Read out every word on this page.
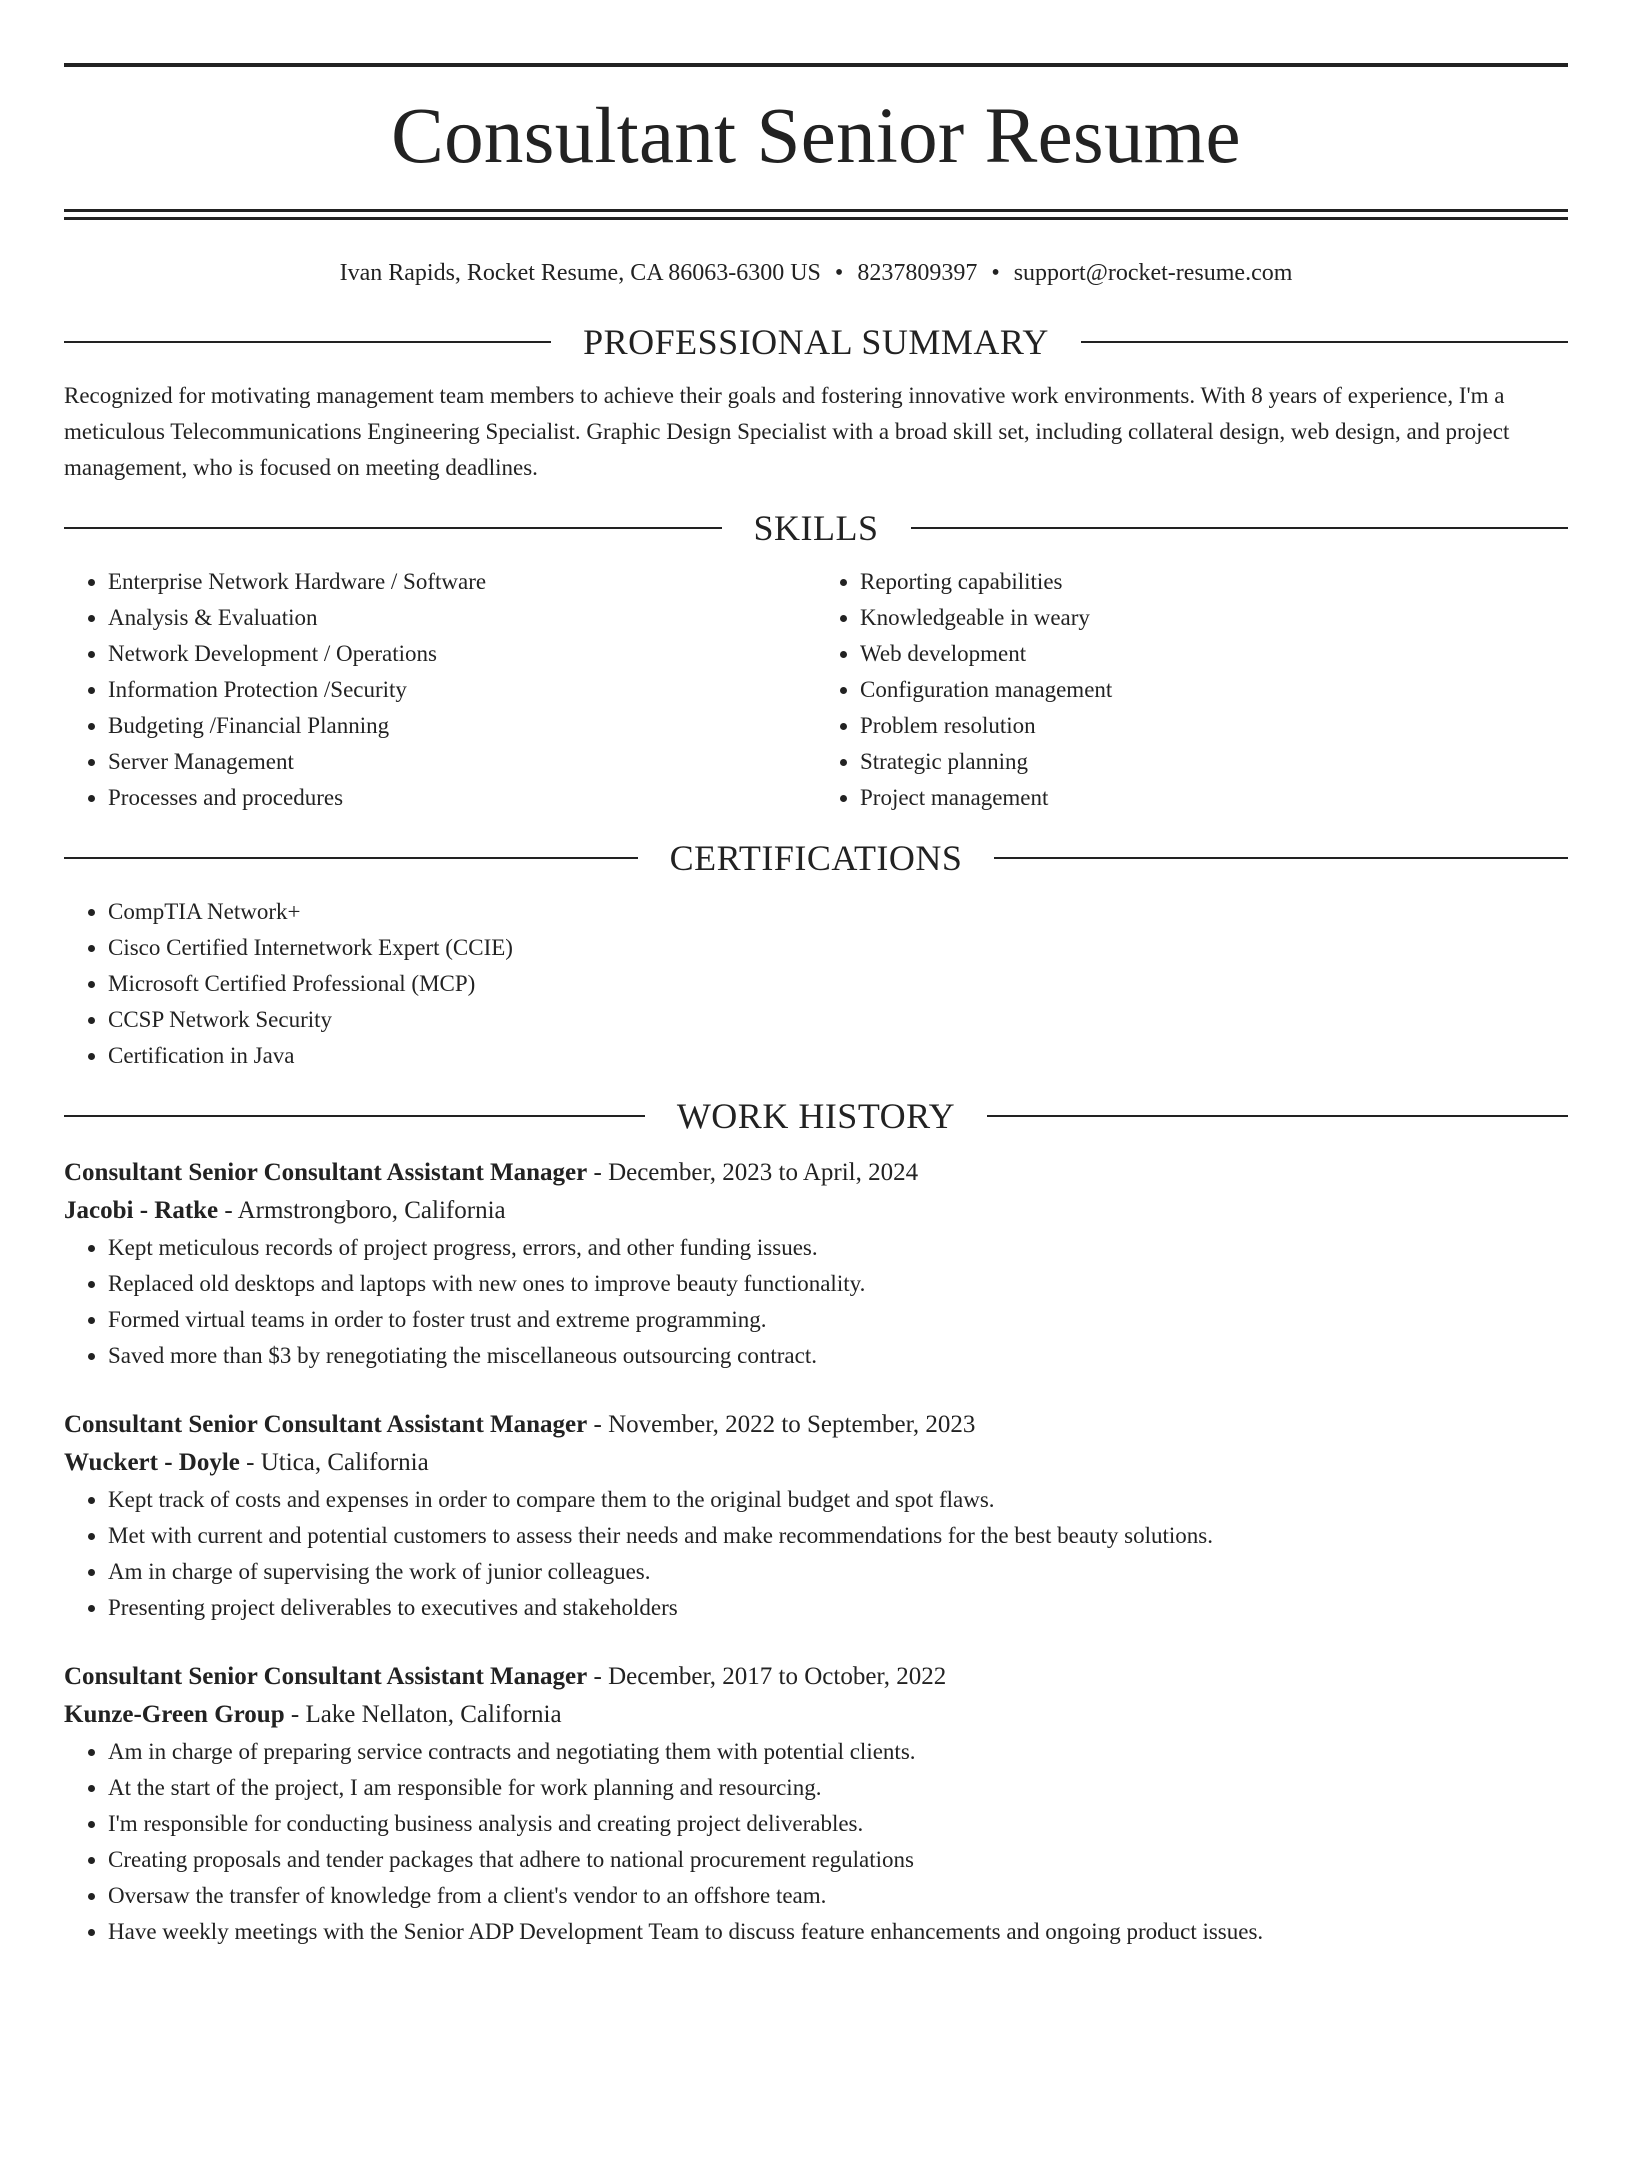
Consultant Senior Resume
Ivan Rapids, Rocket Resume, CA 86063-6300 US • 8237809397 • support@rocket-resume.com
PROFESSIONAL SUMMARY

Recognized for motivating management team members to achieve their goals and fostering innovative work environments. With 8 years of experience, I'm a meticulous Telecommunications Engineering Specialist. Graphic Design Specialist with a broad skill set, including collateral design, web design, and project management, who is focused on meeting deadlines.

SKILLS
• Enterprise Network Hardware / Software
• Analysis & Evaluation
• Network Development / Operations
• Information Protection /Security
• Budgeting /Financial Planning
• Server Management
• Processes and procedures
• Reporting capabilities
• Knowledgeable in weary
• Web development
• Configuration management
• Problem resolution
• Strategic planning
• Project management
CERTIFICATIONS
• CompTIA Network+
• Cisco Certified Internetwork Expert (CCIE)
• Microsoft Certified Professional (MCP)
• CCSP Network Security
• Certification in Java
WORK HISTORY
Consultant Senior Consultant Assistant Manager - December, 2023 to April, 2024
Jacobi - Ratke - Armstrongboro, California
• Kept meticulous records of project progress, errors, and other funding issues.
• Replaced old desktops and laptops with new ones to improve beauty functionality.
• Formed virtual teams in order to foster trust and extreme programming.
• Saved more than $3 by renegotiating the miscellaneous outsourcing contract.
Consultant Senior Consultant Assistant Manager - November, 2022 to September, 2023
Wuckert - Doyle - Utica, California
• Kept track of costs and expenses in order to compare them to the original budget and spot flaws.
• Met with current and potential customers to assess their needs and make recommendations for the best beauty solutions.
• Am in charge of supervising the work of junior colleagues.
• Presenting project deliverables to executives and stakeholders
Consultant Senior Consultant Assistant Manager - December, 2017 to October, 2022
Kunze-Green Group - Lake Nellaton, California
• Am in charge of preparing service contracts and negotiating them with potential clients.
• At the start of the project, I am responsible for work planning and resourcing.
• I'm responsible for conducting business analysis and creating project deliverables.
• Creating proposals and tender packages that adhere to national procurement regulations
• Oversaw the transfer of knowledge from a client's vendor to an offshore team.
• Have weekly meetings with the Senior ADP Development Team to discuss feature enhancements and ongoing product issues.
